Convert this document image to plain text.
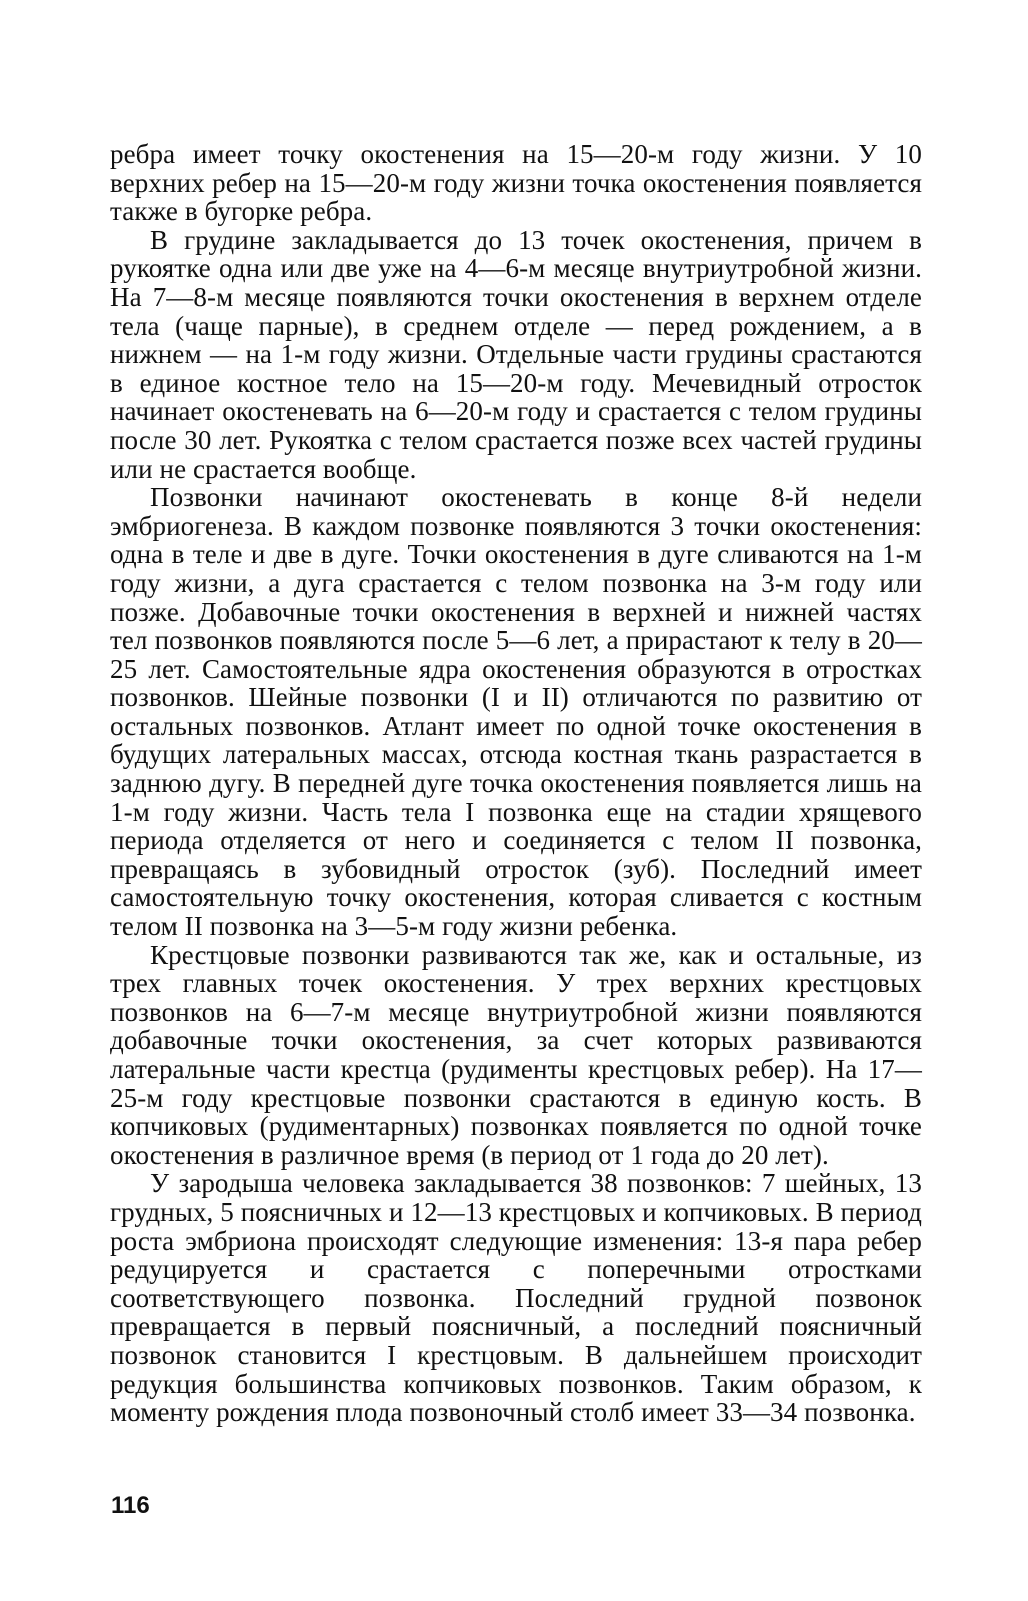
ребра имеет точку окостенения на 15—20-м году жизни. У 10 верхних ребер на 15—20-м году жизни точка окостенения появляется также в бугорке ребра.

В грудине закладывается до 13 точек окостенения, причем в рукоятке одна или две уже на 4—6-м месяце внутриутробной жизни. На 7—8-м месяце появляются точки окостенения в верхнем отделе тела (чаще парные), в среднем отделе — перед рождением, а в нижнем — на 1-м году жизни. Отдельные части грудины срастаются в единое костное тело на 15—20-м году. Мечевидный отросток начинает окостеневать на 6—20-м году и срастается с телом грудины после 30 лет. Рукоятка с телом срастается позже всех частей грудины или не срастается вообще.

Позвонки начинают окостеневать в конце 8-й недели эмбриогенеза. В каждом позвонке появляются 3 точки окостенения: одна в теле и две в дуге. Точки окостенения в дуге сливаются на 1-м году жизни, а дуга срастается с телом позвонка на 3-м году или позже. Добавочные точки окостенения в верхней и нижней частях тел позвонков появляются после 5—6 лет, а прирастают к телу в 20—25 лет. Самостоятельные ядра окостенения образуются в отростках позвонков. Шейные позвонки (I и II) отличаются по развитию от остальных позвонков. Атлант имеет по одной точке окостенения в будущих латеральных массах, отсюда костная ткань разрастается в заднюю дугу. В передней дуге точка окостенения появляется лишь на 1-м году жизни. Часть тела I позвонка еще на стадии хрящевого периода отделяется от него и соединяется с телом II позвонка, превращаясь в зубовидный отросток (зуб). Последний имеет самостоятельную точку окостенения, которая сливается с костным телом II позвонка на 3—5-м году жизни ребенка.

Крестцовые позвонки развиваются так же, как и остальные, из трех главных точек окостенения. У трех верхних крестцовых позвонков на 6—7-м месяце внутриутробной жизни появляются добавочные точки окостенения, за счет которых развиваются латеральные части крестца (рудименты крестцовых ребер). На 17—25-м году крестцовые позвонки срастаются в единую кость. В копчиковых (рудиментарных) позвонках появляется по одной точке окостенения в различное время (в период от 1 года до 20 лет).

У зародыша человека закладывается 38 позвонков: 7 шейных, 13 грудных, 5 поясничных и 12—13 крестцовых и копчиковых. В период роста эмбриона происходят следующие изменения: 13-я пара ребер редуцируется и срастается с поперечными отростками соответствующего позвонка. Последний грудной позвонок превращается в первый поясничный, а последний поясничный позвонок становится I крестцовым. В дальнейшем происходит редукция большинства копчиковых позвонков. Таким образом, к моменту рождения плода позвоночный столб имеет 33—34 позвонка.

116
